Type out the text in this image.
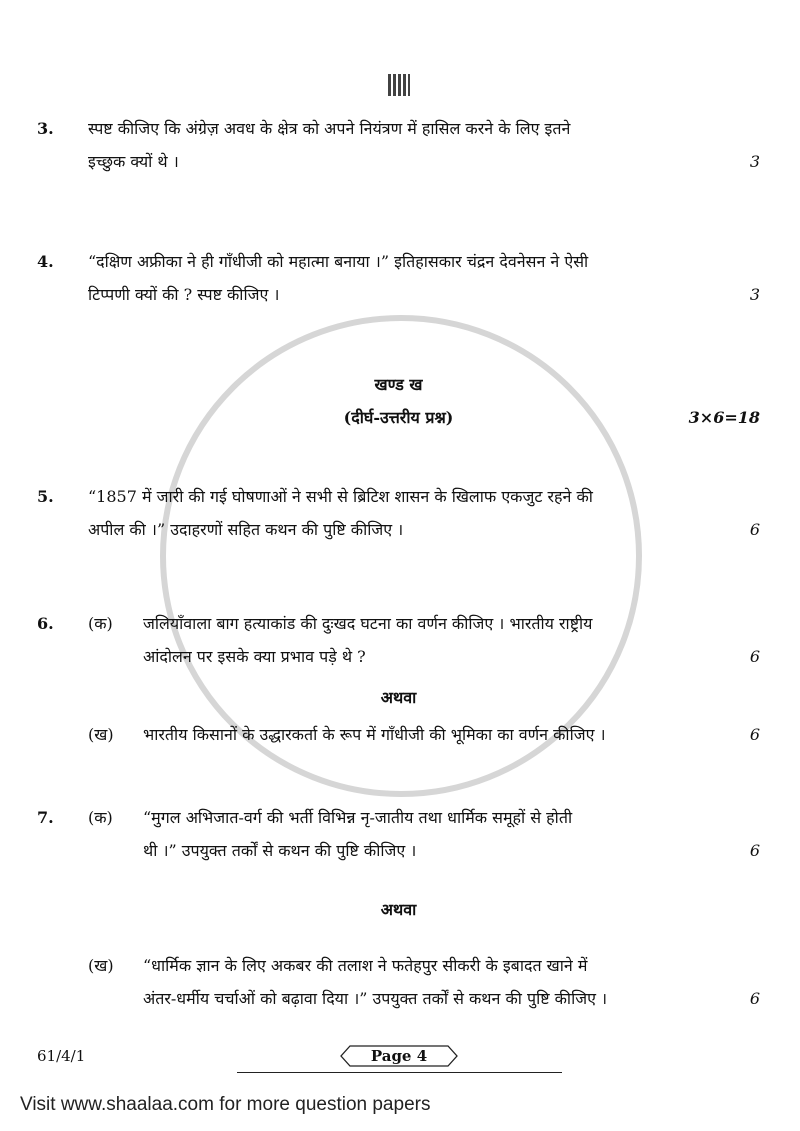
3.	स्पष्ट कीजिए कि अंग्रेज़ अवध के क्षेत्र को अपने नियंत्रण में हासिल करने के लिए इतने
इच्छुक क्यों थे ।	3
4.	“दक्षिण अफ्रीका ने ही गाँधीजी को महात्मा बनाया ।” इतिहासकार चंद्रन देवनेसन ने ऐसी
टिप्पणी क्यों की ? स्पष्ट कीजिए ।	3
खण्ड ख
(दीर्घ-उत्तरीय प्रश्न)	3×6=18
5.	“1857 में जारी की गई घोषणाओं ने सभी से ब्रिटिश शासन के खिलाफ एकजुट रहने की
अपील की ।” उदाहरणों सहित कथन की पुष्टि कीजिए ।	6
6.	(क)	जलियाँवाला बाग हत्याकांड की दुःखद घटना का वर्णन कीजिए । भारतीय राष्ट्रीय
आंदोलन पर इसके क्या प्रभाव पड़े थे ?	6
अथवा
(ख)	भारतीय किसानों के उद्धारकर्ता के रूप में गाँधीजी की भूमिका का वर्णन कीजिए ।	6
7.	(क)	“मुगल अभिजात-वर्ग की भर्ती विभिन्न नृ-जातीय तथा धार्मिक समूहों से होती
थी ।” उपयुक्त तर्कों से कथन की पुष्टि कीजिए ।	6
अथवा
(ख)	“धार्मिक ज्ञान के लिए अकबर की तलाश ने फतेहपुर सीकरी के इबादत खाने में
अंतर-धर्मीय चर्चाओं को बढ़ावा दिया ।” उपयुक्त तर्कों से कथन की पुष्टि कीजिए ।	6
61/4/1	Page 4
Visit www.shaalaa.com for more question papers
